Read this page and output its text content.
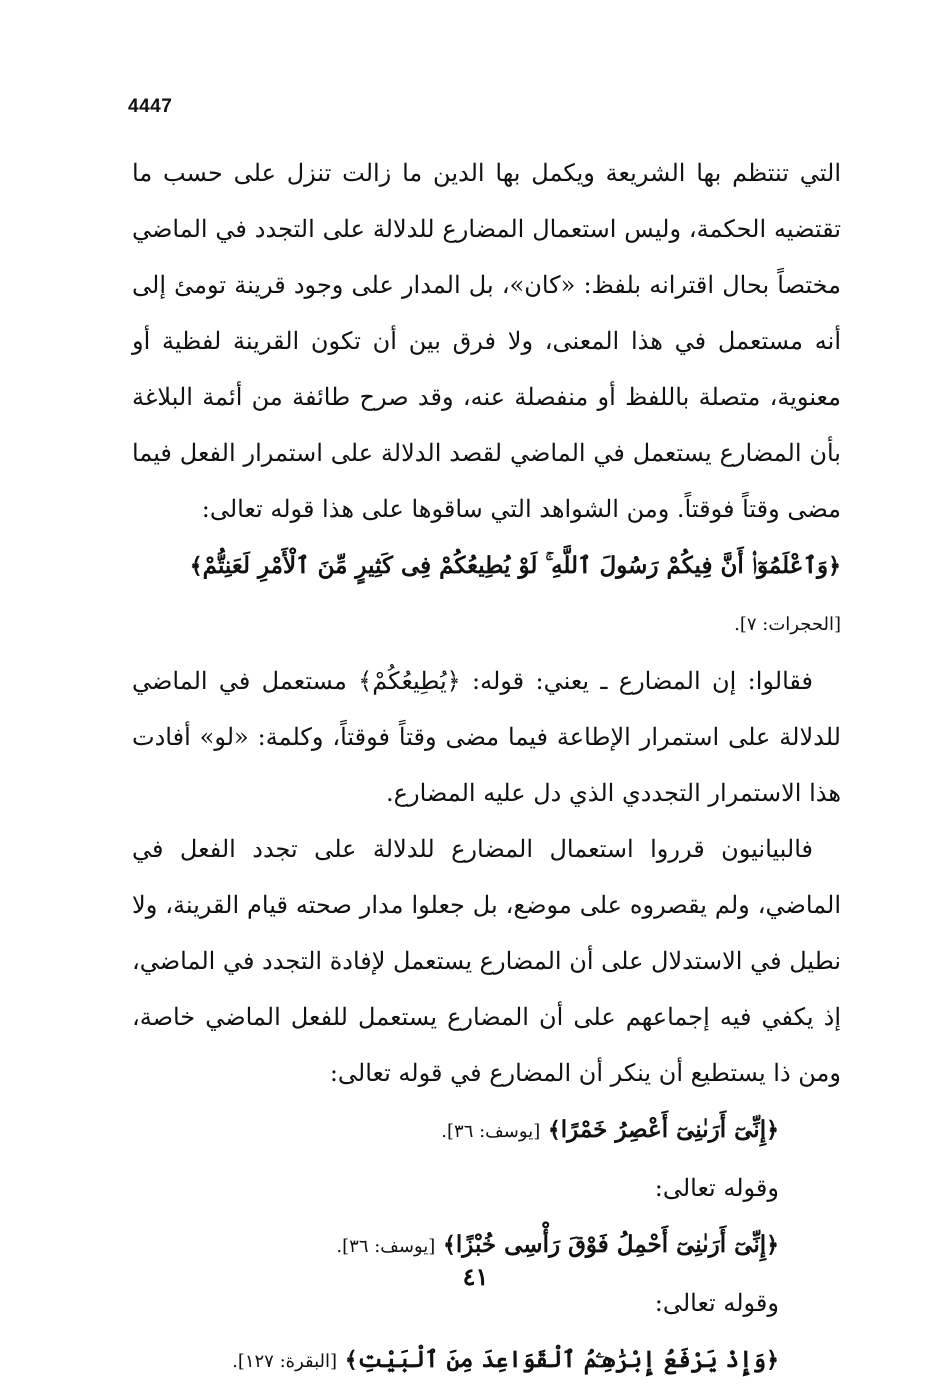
4447

التي تنتظم بها الشريعة ويكمل بها الدين ما زالت تنزل على حسب ما تقتضيه الحكمة، وليس استعمال المضارع للدلالة على التجدد في الماضي مختصاً بحال اقترانه بلفظ: «كان»، بل المدار على وجود قرينة تومئ إلى أنه مستعمل في هذا المعنى، ولا فرق بين أن تكون القرينة لفظية أو معنوية، متصلة باللفظ أو منفصلة عنه، وقد صرح طائفة من أئمة البلاغة بأن المضارع يستعمل في الماضي لقصد الدلالة على استمرار الفعل فيما مضى وقتاً فوقتاً. ومن الشواهد التي ساقوها على هذا قوله تعالى:

﴿وَٱعْلَمُوٓا۟ أَنَّ فِيكُمْ رَسُولَ ٱللَّهِ ۚ لَوْ يُطِيعُكُمْ فِى كَثِيرٍ مِّنَ ٱلْأَمْرِ لَعَنِتُّمْ﴾ [الحجرات: ٧].

فقالوا: إن المضارع ـ يعني: قوله: ﴿يُطِيعُكُمْ﴾ مستعمل في الماضي للدلالة على استمرار الإطاعة فيما مضى وقتاً فوقتاً، وكلمة: «لو» أفادت هذا الاستمرار التجددي الذي دل عليه المضارع.

فالبيانيون قرروا استعمال المضارع للدلالة على تجدد الفعل في الماضي، ولم يقصروه على موضع، بل جعلوا مدار صحته قيام القرينة، ولا نطيل في الاستدلال على أن المضارع يستعمل لإفادة التجدد في الماضي، إذ يكفي فيه إجماعهم على أن المضارع يستعمل للفعل الماضي خاصة، ومن ذا يستطيع أن ينكر أن المضارع في قوله تعالى:

﴿إِنِّىٓ أَرَىٰنِىٓ أَعْصِرُ خَمْرًا﴾ [يوسف: ٣٦].

وقوله تعالى:

﴿إِنِّىٓ أَرَىٰنِىٓ أَحْمِلُ فَوْقَ رَأْسِى خُبْزًا﴾ [يوسف: ٣٦].

وقوله تعالى:

﴿وَإِذْ يَرْفَعُ إِبْرَٰهِـۧمُ ٱلْقَوَاعِدَ مِنَ ٱلْبَيْتِ﴾ [البقرة: ١٢٧].

٤١
